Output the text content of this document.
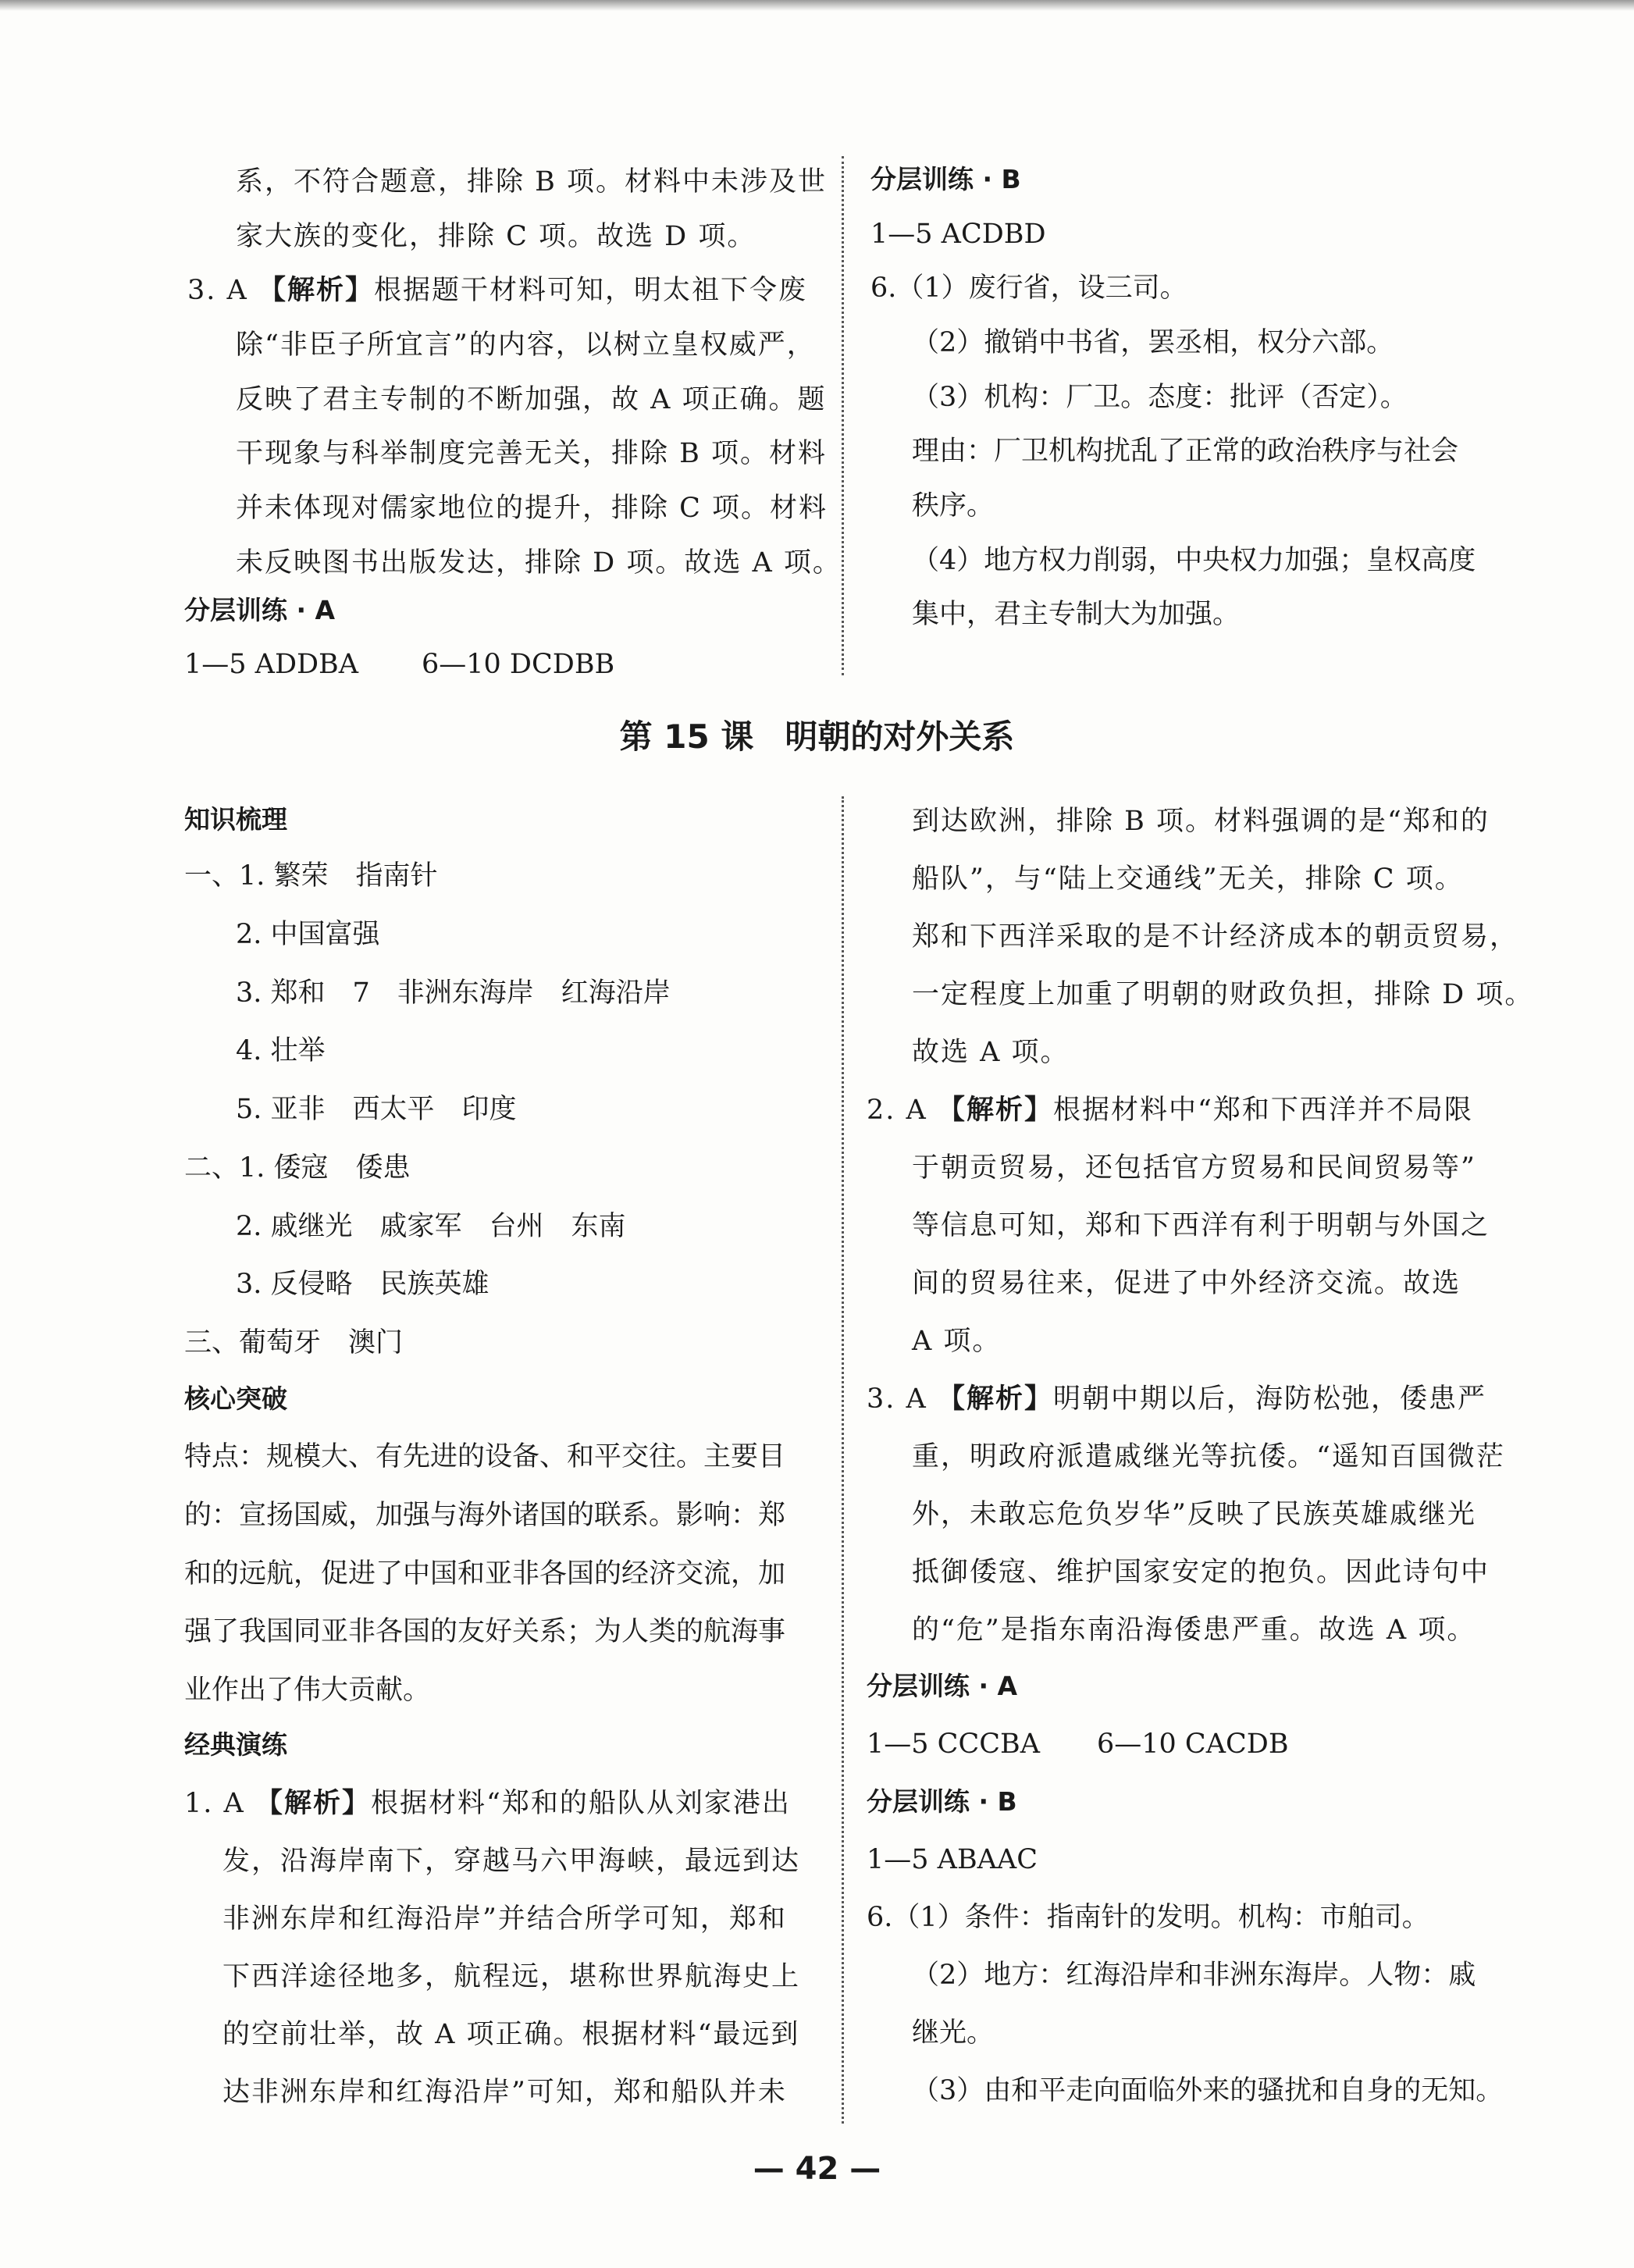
系，不符合题意，排除 B 项。材料中未涉及世
家大族的变化，排除 C 项。故选 D 项。
3. A 【解析】根据题干材料可知，明太祖下令废
除“非臣子所宜言”的内容，以树立皇权威严，
反映了君主专制的不断加强，故 A 项正确。题
干现象与科举制度完善无关，排除 B 项。材料
并未体现对儒家地位的提升，排除 C 项。材料
未反映图书出版发达，排除 D 项。故选 A 项。
分层训练 · A
1—5 ADDBA 6—10 DCDBB
分层训练 · B
1—5 ACDBD
6.（1）废行省，设三司。
（2）撤销中书省，罢丞相，权分六部。
（3）机构：厂卫。态度：批评（否定）。
理由：厂卫机构扰乱了正常的政治秩序与社会
秩序。
（4）地方权力削弱，中央权力加强；皇权高度
集中，君主专制大为加强。
第 15 课 明朝的对外关系
知识梳理
一、1. 繁荣　指南针
2. 中国富强
3. 郑和　7　非洲东海岸　红海沿岸
4. 壮举
5. 亚非　西太平　印度
二、1. 倭寇　倭患
2. 戚继光　戚家军　台州　东南
3. 反侵略　民族英雄
三、葡萄牙　澳门
核心突破
特点：规模大、有先进的设备、和平交往。主要目
的：宣扬国威，加强与海外诸国的联系。影响：郑
和的远航，促进了中国和亚非各国的经济交流，加
强了我国同亚非各国的友好关系；为人类的航海事
业作出了伟大贡献。
经典演练
1. A 【解析】根据材料“郑和的船队从刘家港出
发，沿海岸南下，穿越马六甲海峡，最远到达
非洲东岸和红海沿岸”并结合所学可知，郑和
下西洋途径地多，航程远，堪称世界航海史上
的空前壮举，故 A 项正确。根据材料“最远到
达非洲东岸和红海沿岸”可知，郑和船队并未
到达欧洲，排除 B 项。材料强调的是“郑和的
船队”，与“陆上交通线”无关，排除 C 项。
郑和下西洋采取的是不计经济成本的朝贡贸易，
一定程度上加重了明朝的财政负担，排除 D 项。
故选 A 项。
2. A 【解析】根据材料中“郑和下西洋并不局限
于朝贡贸易，还包括官方贸易和民间贸易等”
等信息可知，郑和下西洋有利于明朝与外国之
间的贸易往来，促进了中外经济交流。故选
A 项。
3. A 【解析】明朝中期以后，海防松弛，倭患严
重，明政府派遣戚继光等抗倭。“遥知百国微茫
外，未敢忘危负岁华”反映了民族英雄戚继光
抵御倭寇、维护国家安定的抱负。因此诗句中
的“危”是指东南沿海倭患严重。故选 A 项。
分层训练 · A
1—5 CCCBA 6—10 CACDB
分层训练 · B
1—5 ABAAC
6.（1）条件：指南针的发明。机构：市舶司。
（2）地方：红海沿岸和非洲东海岸。人物：戚
继光。
（3）由和平走向面临外来的骚扰和自身的无知。
— 42 —
